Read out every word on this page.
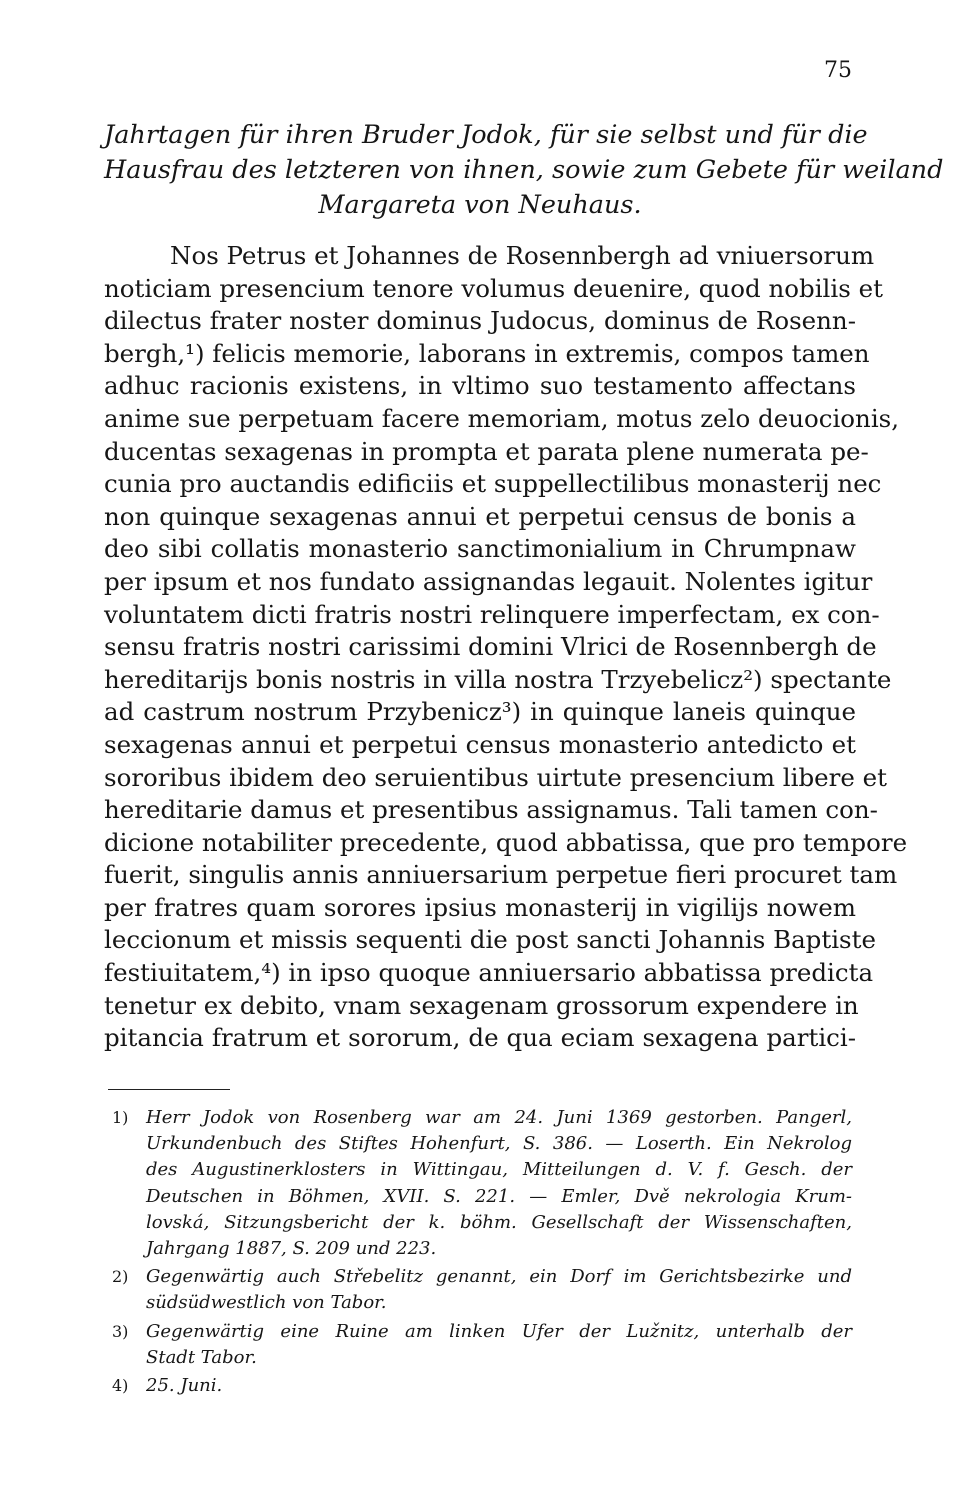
75
Jahrtagen für ihren Bruder Jodok, für sie selbst und für die
Hausfrau des letzteren von ihnen, sowie zum Gebete für weiland
Margareta von Neuhaus.
Nos Petrus et Johannes de Rosennbergh ad vniuersorum
noticiam presencium tenore volumus deuenire, quod nobilis et
dilectus frater noster dominus Judocus, dominus de Rosenn-
bergh,¹) felicis memorie, laborans in extremis, compos tamen
adhuc racionis existens, in vltimo suo testamento affectans
anime sue perpetuam facere memoriam, motus zelo deuocionis,
ducentas sexagenas in prompta et parata plene numerata pe-
cunia pro auctandis edificiis et suppellectilibus monasterij nec
non quinque sexagenas annui et perpetui census de bonis a
deo sibi collatis monasterio sanctimonialium in Chrumpnaw
per ipsum et nos fundato assignandas legauit. Nolentes igitur
voluntatem dicti fratris nostri relinquere imperfectam, ex con-
sensu fratris nostri carissimi domini Vlrici de Rosennbergh de
hereditarijs bonis nostris in villa nostra Trzyebelicz²) spectante
ad castrum nostrum Przybenicz³) in quinque laneis quinque
sexagenas annui et perpetui census monasterio antedicto et
sororibus ibidem deo seruientibus uirtute presencium libere et
hereditarie damus et presentibus assignamus. Tali tamen con-
dicione notabiliter precedente, quod abbatissa, que pro tempore
fuerit, singulis annis anniuersarium perpetue fieri procuret tam
per fratres quam sorores ipsius monasterij in vigilijs nowem
leccionum et missis sequenti die post sancti Johannis Baptiste
festiuitatem,⁴) in ipso quoque anniuersario abbatissa predicta
tenetur ex debito, vnam sexagenam grossorum expendere in
pitancia fratrum et sororum, de qua eciam sexagena partici-
1) Herr Jodok von Rosenberg war am 24. Juni 1369 gestorben. Pangerl,
Urkundenbuch des Stiftes Hohenfurt, S. 386. — Loserth. Ein Nekrolog
des Augustinerklosters in Wittingau, Mitteilungen d. V. f. Gesch. der
Deutschen in Böhmen, XVII. S. 221. — Emler, Dvě nekrologia Krum-
lovská, Sitzungsbericht der k. böhm. Gesellschaft der Wissenschaften,
Jahrgang 1887, S. 209 und 223.
2) Gegenwärtig auch Střebelitz genannt, ein Dorf im Gerichtsbezirke und
südsüdwestlich von Tabor.
3) Gegenwärtig eine Ruine am linken Ufer der Lužnitz, unterhalb der
Stadt Tabor.
4) 25. Juni.
